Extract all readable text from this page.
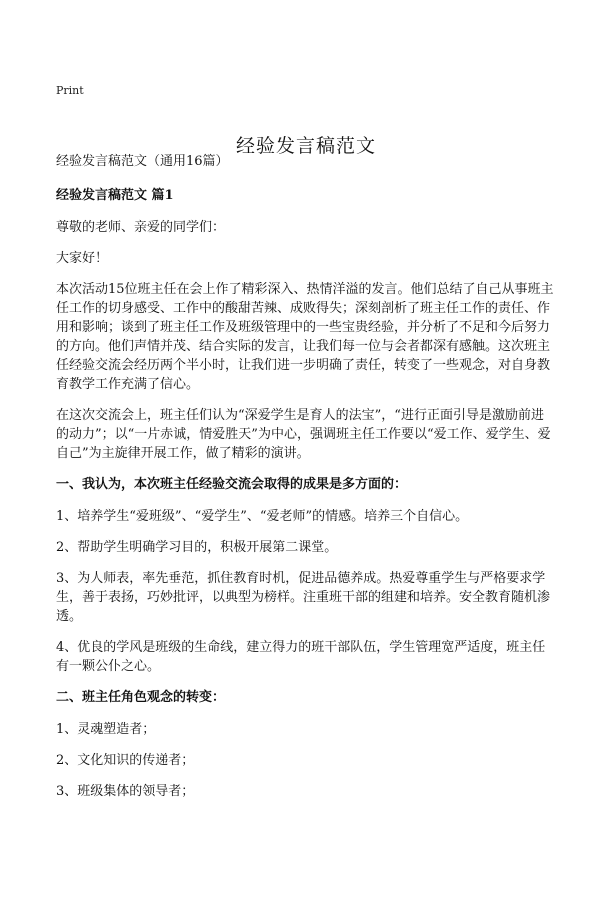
Print
经验发言稿范文

经验发言稿范文（通用16篇）

经验发言稿范文 篇1

尊敬的老师、亲爱的同学们：

大家好！

本次活动15位班主任在会上作了精彩深入、热情洋溢的发言。他们总结了自己从事班主任工作的切身感受、工作中的酸甜苦辣、成败得失；深刻剖析了班主任工作的责任、作用和影响；谈到了班主任工作及班级管理中的一些宝贵经验，并分析了不足和今后努力的方向。他们声情并茂、结合实际的发言，让我们每一位与会者都深有感触。这次班主任经验交流会经历两个半小时，让我们进一步明确了责任，转变了一些观念，对自身教育教学工作充满了信心。

在这次交流会上，班主任们认为“深爱学生是育人的法宝”，“进行正面引导是激励前进的动力”；以“一片赤诚，情爱胜天”为中心，强调班主任工作要以“爱工作、爱学生、爱自己”为主旋律开展工作，做了精彩的演讲。

一、我认为，本次班主任经验交流会取得的成果是多方面的：

1、培养学生“爱班级”、“爱学生”、“爱老师”的情感。培养三个自信心。

2、帮助学生明确学习目的，积极开展第二课堂。

3、为人师表，率先垂范，抓住教育时机，促进品德养成。热爱尊重学生与严格要求学生，善于表扬，巧妙批评，以典型为榜样。注重班干部的组建和培养。安全教育随机渗透。

4、优良的学风是班级的生命线，建立得力的班干部队伍，学生管理宽严适度，班主任有一颗公仆之心。

二、班主任角色观念的转变：

1、灵魂塑造者；

2、文化知识的传递者；

3、班级集体的领导者；
